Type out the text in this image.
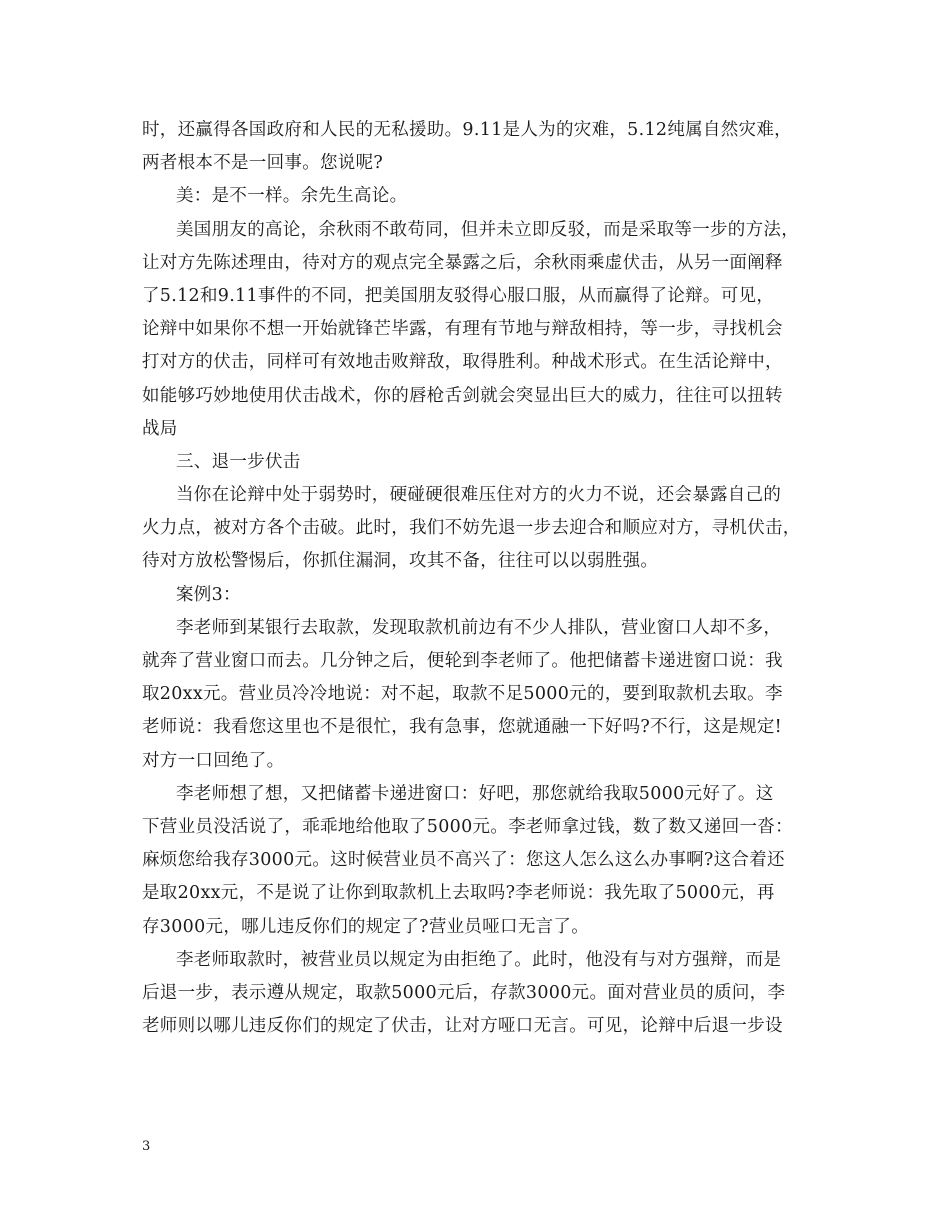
时，还赢得各国政府和人民的无私援助。9.11是人为的灾难，5.12纯属自然灾难，
两者根本不是一回事。您说呢?
美：是不一样。余先生高论。
美国朋友的高论，余秋雨不敢苟同，但并未立即反驳，而是采取等一步的方法，
让对方先陈述理由，待对方的观点完全暴露之后，余秋雨乘虚伏击，从另一面阐释
了5.12和9.11事件的不同，把美国朋友驳得心服口服，从而赢得了论辩。可见，
论辩中如果你不想一开始就锋芒毕露，有理有节地与辩敌相持，等一步，寻找机会
打对方的伏击，同样可有效地击败辩敌，取得胜利。种战术形式。在生活论辩中，
如能够巧妙地使用伏击战术，你的唇枪舌剑就会突显出巨大的威力，往往可以扭转
战局
三、退一步伏击
当你在论辩中处于弱势时，硬碰硬很难压住对方的火力不说，还会暴露自己的
火力点，被对方各个击破。此时，我们不妨先退一步去迎合和顺应对方，寻机伏击，
待对方放松警惕后，你抓住漏洞，攻其不备，往往可以以弱胜强。
案例3：
李老师到某银行去取款，发现取款机前边有不少人排队，营业窗口人却不多，
就奔了营业窗口而去。几分钟之后，便轮到李老师了。他把储蓄卡递进窗口说：我
取20xx元。营业员冷冷地说：对不起，取款不足5000元的，要到取款机去取。李
老师说：我看您这里也不是很忙，我有急事，您就通融一下好吗?不行，这是规定!
对方一口回绝了。
李老师想了想，又把储蓄卡递进窗口：好吧，那您就给我取5000元好了。这
下营业员没活说了，乖乖地给他取了5000元。李老师拿过钱，数了数又递回一沓：
麻烦您给我存3000元。这时候营业员不高兴了：您这人怎么这么办事啊?这合着还
是取20xx元，不是说了让你到取款机上去取吗?李老师说：我先取了5000元，再
存3000元，哪儿违反你们的规定了?营业员哑口无言了。
李老师取款时，被营业员以规定为由拒绝了。此时，他没有与对方强辩，而是
后退一步，表示遵从规定，取款5000元后，存款3000元。面对营业员的质问，李
老师则以哪儿违反你们的规定了伏击，让对方哑口无言。可见，论辩中后退一步设
3
